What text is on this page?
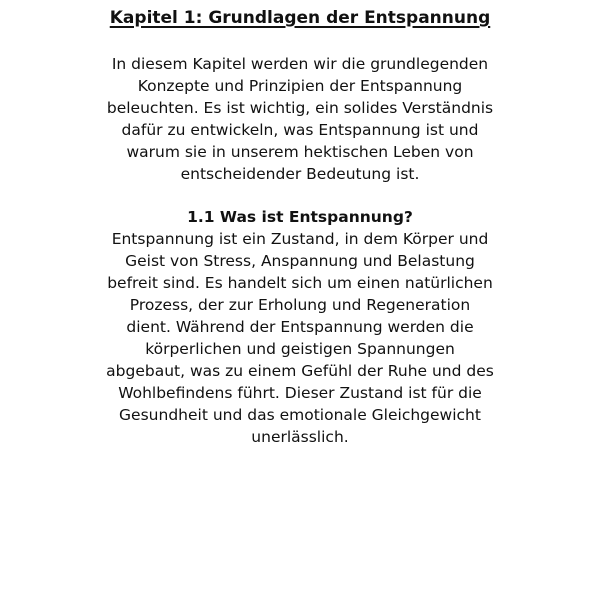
Kapitel 1: Grundlagen der Entspannung
In diesem Kapitel werden wir die grundlegenden
Konzepte und Prinzipien der Entspannung
beleuchten. Es ist wichtig, ein solides Verständnis
dafür zu entwickeln, was Entspannung ist und
warum sie in unserem hektischen Leben von
entscheidender Bedeutung ist.
1.1 Was ist Entspannung?
Entspannung ist ein Zustand, in dem Körper und
Geist von Stress, Anspannung und Belastung
befreit sind. Es handelt sich um einen natürlichen
Prozess, der zur Erholung und Regeneration
dient. Während der Entspannung werden die
körperlichen und geistigen Spannungen
abgebaut, was zu einem Gefühl der Ruhe und des
Wohlbefindens führt. Dieser Zustand ist für die
Gesundheit und das emotionale Gleichgewicht
unerlässlich.
